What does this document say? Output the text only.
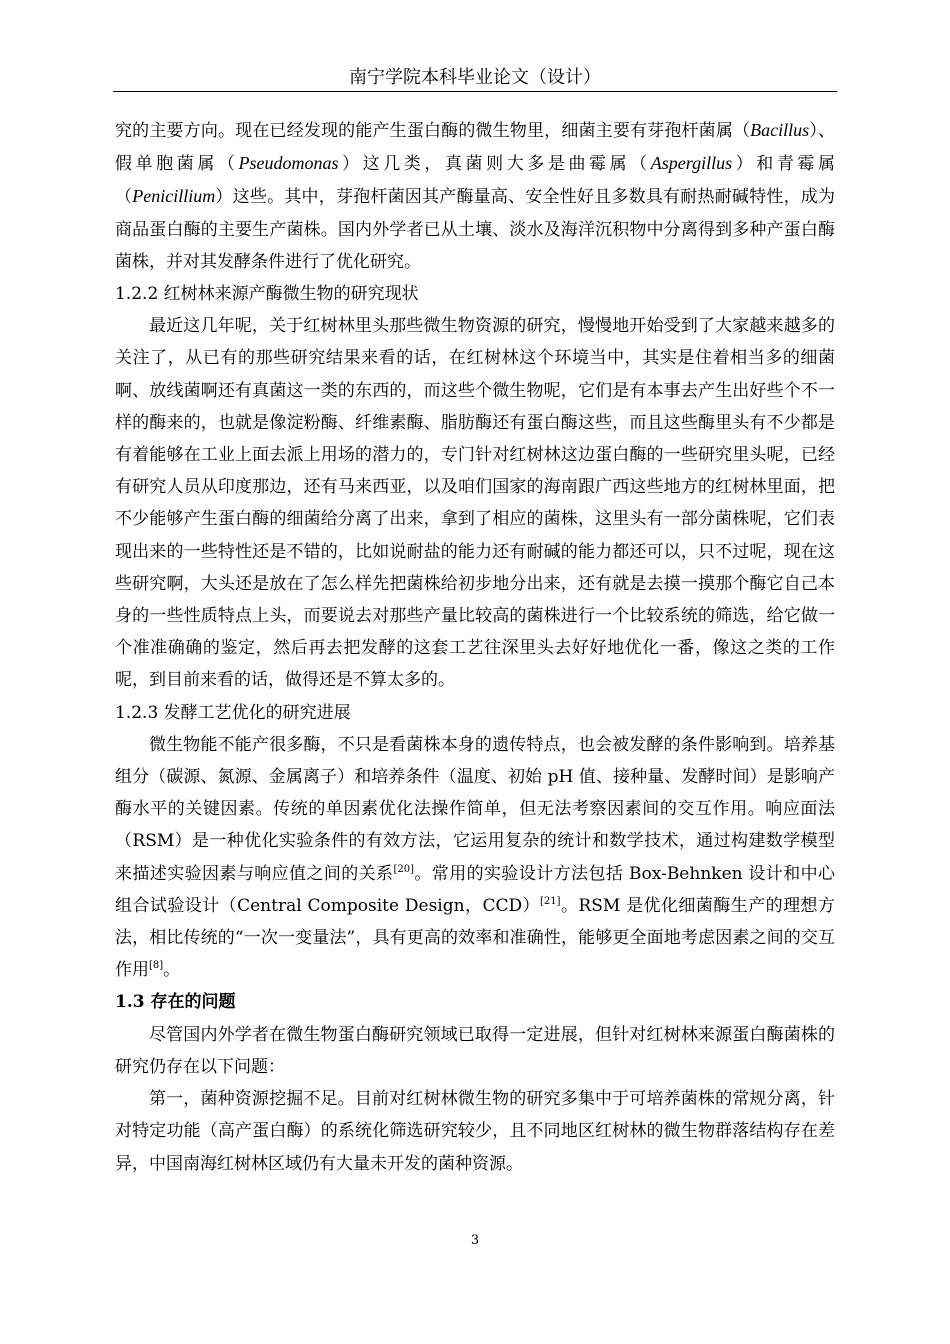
南宁学院本科毕业论文（设计）

究的主要方向。现在已经发现的能产生蛋白酶的微生物里，细菌主要有芽孢杆菌属（Bacillus）、假单胞菌属（Pseudomonas）这几类，真菌则大多是曲霉属（Aspergillus）和青霉属（Penicillium）这些。其中，芽孢杆菌因其产酶量高、安全性好且多数具有耐热耐碱特性，成为商品蛋白酶的主要生产菌株。国内外学者已从土壤、淡水及海洋沉积物中分离得到多种产蛋白酶菌株，并对其发酵条件进行了优化研究。

1.2.2 红树林来源产酶微生物的研究现状

最近这几年呢，关于红树林里头那些微生物资源的研究，慢慢地开始受到了大家越来越多的关注了，从已有的那些研究结果来看的话，在红树林这个环境当中，其实是住着相当多的细菌啊、放线菌啊还有真菌这一类的东西的，而这些个微生物呢，它们是有本事去产生出好些个不一样的酶来的，也就是像淀粉酶、纤维素酶、脂肪酶还有蛋白酶这些，而且这些酶里头有不少都是有着能够在工业上面去派上用场的潜力的，专门针对红树林这边蛋白酶的一些研究里头呢，已经有研究人员从印度那边，还有马来西亚，以及咱们国家的海南跟广西这些地方的红树林里面，把不少能够产生蛋白酶的细菌给分离了出来，拿到了相应的菌株，这里头有一部分菌株呢，它们表现出来的一些特性还是不错的，比如说耐盐的能力还有耐碱的能力都还可以，只不过呢，现在这些研究啊，大头还是放在了怎么样先把菌株给初步地分出来，还有就是去摸一摸那个酶它自己本身的一些性质特点上头，而要说去对那些产量比较高的菌株进行一个比较系统的筛选，给它做一个准准确确的鉴定，然后再去把发酵的这套工艺往深里头去好好地优化一番，像这之类的工作呢，到目前来看的话，做得还是不算太多的。

1.2.3 发酵工艺优化的研究进展

微生物能不能产很多酶，不只是看菌株本身的遗传特点，也会被发酵的条件影响到。培养基组分（碳源、氮源、金属离子）和培养条件（温度、初始 pH 值、接种量、发酵时间）是影响产酶水平的关键因素。传统的单因素优化法操作简单，但无法考察因素间的交互作用。响应面法（RSM）是一种优化实验条件的有效方法，它运用复杂的统计和数学技术，通过构建数学模型来描述实验因素与响应值之间的关系[20]。常用的实验设计方法包括 Box-Behnken 设计和中心组合试验设计（Central Composite Design，CCD）[21]。RSM 是优化细菌酶生产的理想方法，相比传统的“一次一变量法”，具有更高的效率和准确性，能够更全面地考虑因素之间的交互作用[8]。

1.3 存在的问题

尽管国内外学者在微生物蛋白酶研究领域已取得一定进展，但针对红树林来源蛋白酶菌株的研究仍存在以下问题：

第一，菌种资源挖掘不足。目前对红树林微生物的研究多集中于可培养菌株的常规分离，针对特定功能（高产蛋白酶）的系统化筛选研究较少，且不同地区红树林的微生物群落结构存在差异，中国南海红树林区域仍有大量未开发的菌种资源。

3
